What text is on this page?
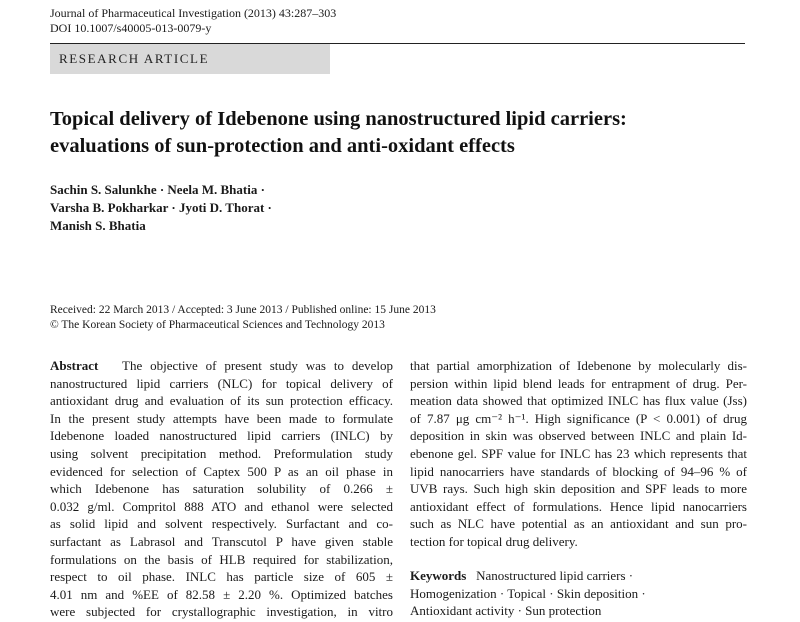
Journal of Pharmaceutical Investigation (2013) 43:287–303
DOI 10.1007/s40005-013-0079-y
RESEARCH ARTICLE
Topical delivery of Idebenone using nanostructured lipid carriers:
evaluations of sun-protection and anti-oxidant effects
Sachin S. Salunkhe · Neela M. Bhatia ·
Varsha B. Pokharkar · Jyoti D. Thorat ·
Manish S. Bhatia
Received: 22 March 2013 / Accepted: 3 June 2013 / Published online: 15 June 2013
© The Korean Society of Pharmaceutical Sciences and Technology 2013
Abstract The objective of present study was to develop
nanostructured lipid carriers (NLC) for topical delivery of
antioxidant drug and evaluation of its sun protection efficacy.
In the present study attempts have been made to formulate
Idebenone loaded nanostructured lipid carriers (INLC) by
using solvent precipitation method. Preformulation study
evidenced for selection of Captex 500 P as an oil phase in
which Idebenone has saturation solubility of 0.266 ±
0.032 g/ml. Compritol 888 ATO and ethanol were selected
as solid lipid and solvent respectively. Surfactant and co-
surfactant as Labrasol and Transcutol P have given stable
formulations on the basis of HLB required for stabilization,
respect to oil phase. INLC has particle size of 605 ±
4.01 nm and %EE of 82.58 ± 2.20 %. Optimized batches
were subjected for crystallographic investigation, in vitro
that partial amorphization of Idebenone by molecularly dis-
persion within lipid blend leads for entrapment of drug. Per-
meation data showed that optimized INLC has flux value (Jss)
of 7.87 μg cm⁻² h⁻¹. High significance (P < 0.001) of drug
deposition in skin was observed between INLC and plain Id-
ebenone gel. SPF value for INLC has 23 which represents that
lipid nanocarriers have standards of blocking of 94–96 % of
UVB rays. Such high skin deposition and SPF leads to more
antioxidant effect of formulations. Hence lipid nanocarriers
such as NLC have potential as an antioxidant and sun pro-
tection for topical drug delivery.
Keywords Nanostructured lipid carriers ·
Homogenization · Topical · Skin deposition ·
Antioxidant activity · Sun protection
